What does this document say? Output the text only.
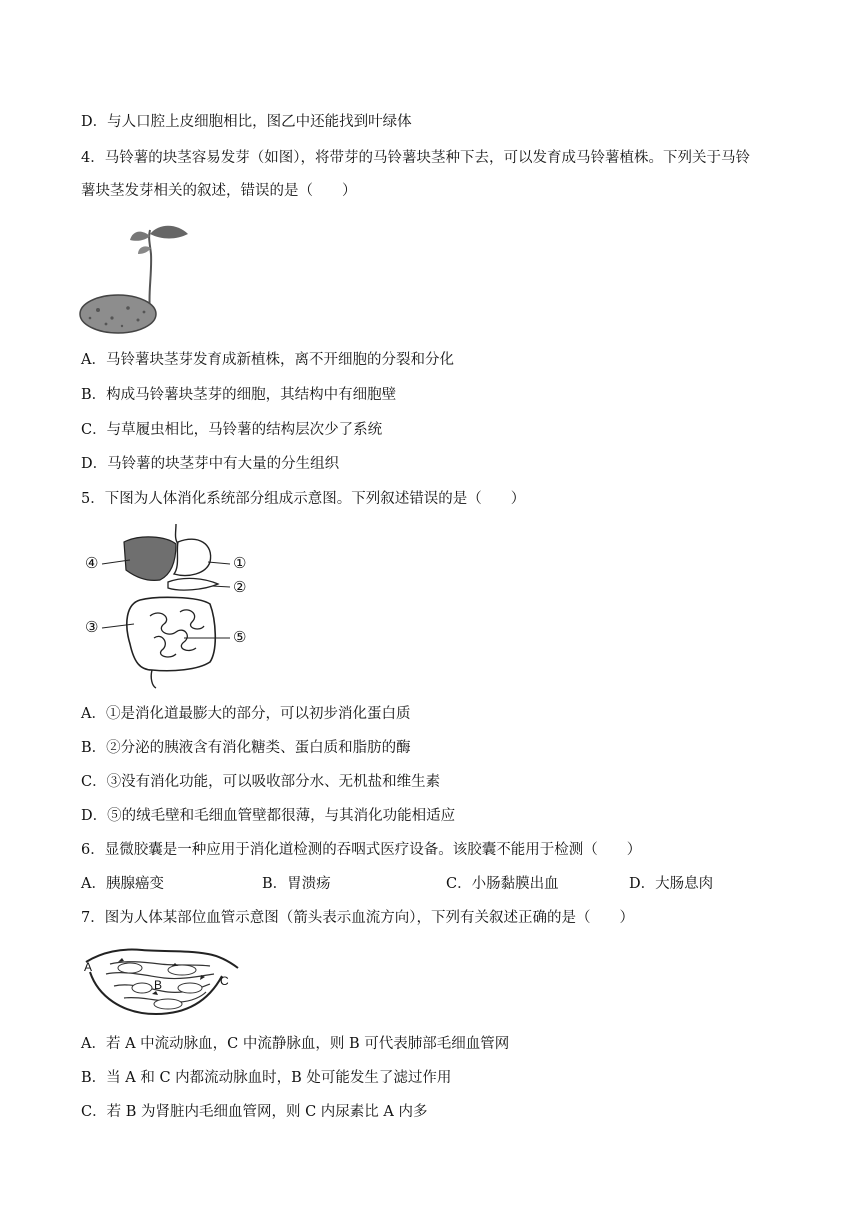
D．与人口腔上皮细胞相比，图乙中还能找到叶绿体
4．马铃薯的块茎容易发芽（如图），将带芽的马铃薯块茎种下去，可以发育成马铃薯植株。下列关于马铃
薯块茎发芽相关的叙述，错误的是（　　）
A．马铃薯块茎芽发育成新植株，离不开细胞的分裂和分化
B．构成马铃薯块茎芽的细胞，其结构中有细胞壁
C．与草履虫相比，马铃薯的结构层次少了系统
D．马铃薯的块茎芽中有大量的分生组织
5．下图为人体消化系统部分组成示意图。下列叙述错误的是（　　）
④	①
②
③
⑤
A．①是消化道最膨大的部分，可以初步消化蛋白质
B．②分泌的胰液含有消化糖类、蛋白质和脂肪的酶
C．③没有消化功能，可以吸收部分水、无机盐和维生素
D．⑤的绒毛壁和毛细血管壁都很薄，与其消化功能相适应
6．显微胶囊是一种应用于消化道检测的吞咽式医疗设备。该胶囊不能用于检测（　　）
A．胰腺癌变	B．胃溃疡	C．小肠黏膜出血	D．大肠息肉
7．图为人体某部位血管示意图（箭头表示血流方向），下列有关叙述正确的是（　　）
A
B	C
A．若 A 中流动脉血，C 中流静脉血，则 B 可代表肺部毛细血管网
B．当 A 和 C 内都流动脉血时，B 处可能发生了滤过作用
C．若 B 为肾脏内毛细血管网，则 C 内尿素比 A 内多
